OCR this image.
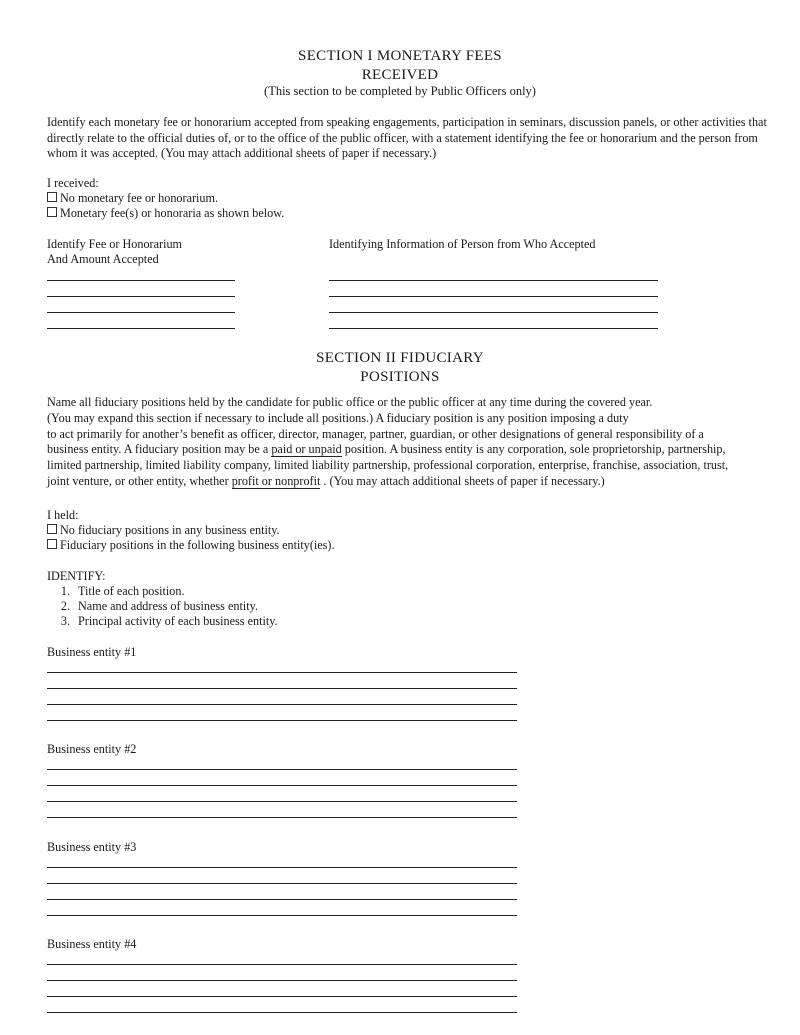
SECTION I MONETARY FEES
RECEIVED
(This section to be completed by Public Officers only)
Identify each monetary fee or honorarium accepted from speaking engagements, participation in seminars, discussion panels, or other activities that directly relate to the official duties of, or to the office of the public officer, with a statement identifying the fee or honorarium and the person from whom it was accepted. (You may attach additional sheets of paper if necessary.)
I received:
No monetary fee or honorarium.
Monetary fee(s) or honoraria as shown below.
Identify Fee or Honorarium
And Amount Accepted
Identifying Information of Person from Who Accepted
SECTION II FIDUCIARY
POSITIONS
Name all fiduciary positions held by the candidate for public office or the public officer at any time during the covered year.
(You may expand this section if necessary to include all positions.) A fiduciary position is any position imposing a duty
to act primarily for another’s benefit as officer, director, manager, partner, guardian, or other designations of general responsibility of a
business entity. A fiduciary position may be a paid or unpaid position. A business entity is any corporation, sole proprietorship, partnership,
limited partnership, limited liability company, limited liability partnership, professional corporation, enterprise, franchise, association, trust,
joint venture, or other entity, whether profit or nonprofit . (You may attach additional sheets of paper if necessary.)
I held:
No fiduciary positions in any business entity.
Fiduciary positions in the following business entity(ies).
IDENTIFY:
1. Title of each position.
2. Name and address of business entity.
3. Principal activity of each business entity.
Business entity #1
Business entity #2
Business entity #3
Business entity #4
